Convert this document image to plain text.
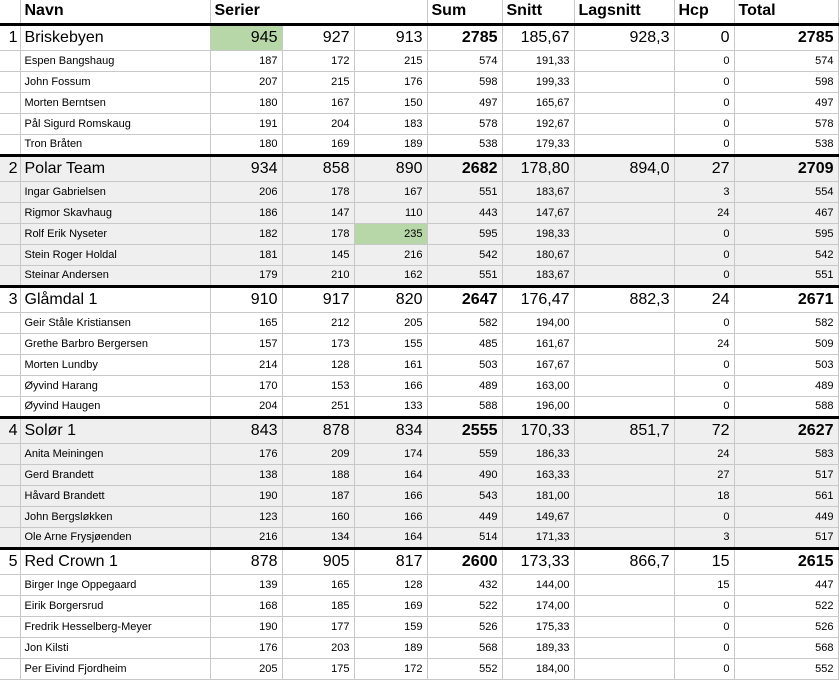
	Navn	Serier			Sum	Snitt	Lagsnitt	Hcp	Total
1	Briskebyen	945	927	913	2785	185,67	928,3	0	2785
	Espen Bangshaug	187	172	215	574	191,33		0	574
	John Fossum	207	215	176	598	199,33		0	598
	Morten Berntsen	180	167	150	497	165,67		0	497
	Pål Sigurd Romskaug	191	204	183	578	192,67		0	578
	Tron Bråten	180	169	189	538	179,33		0	538
2	Polar Team	934	858	890	2682	178,80	894,0	27	2709
	Ingar Gabrielsen	206	178	167	551	183,67		3	554
	Rigmor Skavhaug	186	147	110	443	147,67		24	467
	Rolf Erik Nyseter	182	178	235	595	198,33		0	595
	Stein Roger Holdal	181	145	216	542	180,67		0	542
	Steinar Andersen	179	210	162	551	183,67		0	551
3	Glåmdal 1	910	917	820	2647	176,47	882,3	24	2671
	Geir Ståle Kristiansen	165	212	205	582	194,00		0	582
	Grethe Barbro Bergersen	157	173	155	485	161,67		24	509
	Morten Lundby	214	128	161	503	167,67		0	503
	Øyvind Harang	170	153	166	489	163,00		0	489
	Øyvind Haugen	204	251	133	588	196,00		0	588
4	Solør 1	843	878	834	2555	170,33	851,7	72	2627
	Anita Meiningen	176	209	174	559	186,33		24	583
	Gerd Brandett	138	188	164	490	163,33		27	517
	Håvard Brandett	190	187	166	543	181,00		18	561
	John Bergsløkken	123	160	166	449	149,67		0	449
	Ole Arne Frysjøenden	216	134	164	514	171,33		3	517
5	Red Crown 1	878	905	817	2600	173,33	866,7	15	2615
	Birger Inge Oppegaard	139	165	128	432	144,00		15	447
	Eirik Borgersrud	168	185	169	522	174,00		0	522
	Fredrik Hesselberg-Meyer	190	177	159	526	175,33		0	526
	Jon Kilsti	176	203	189	568	189,33		0	568
	Per Eivind Fjordheim	205	175	172	552	184,00		0	552
